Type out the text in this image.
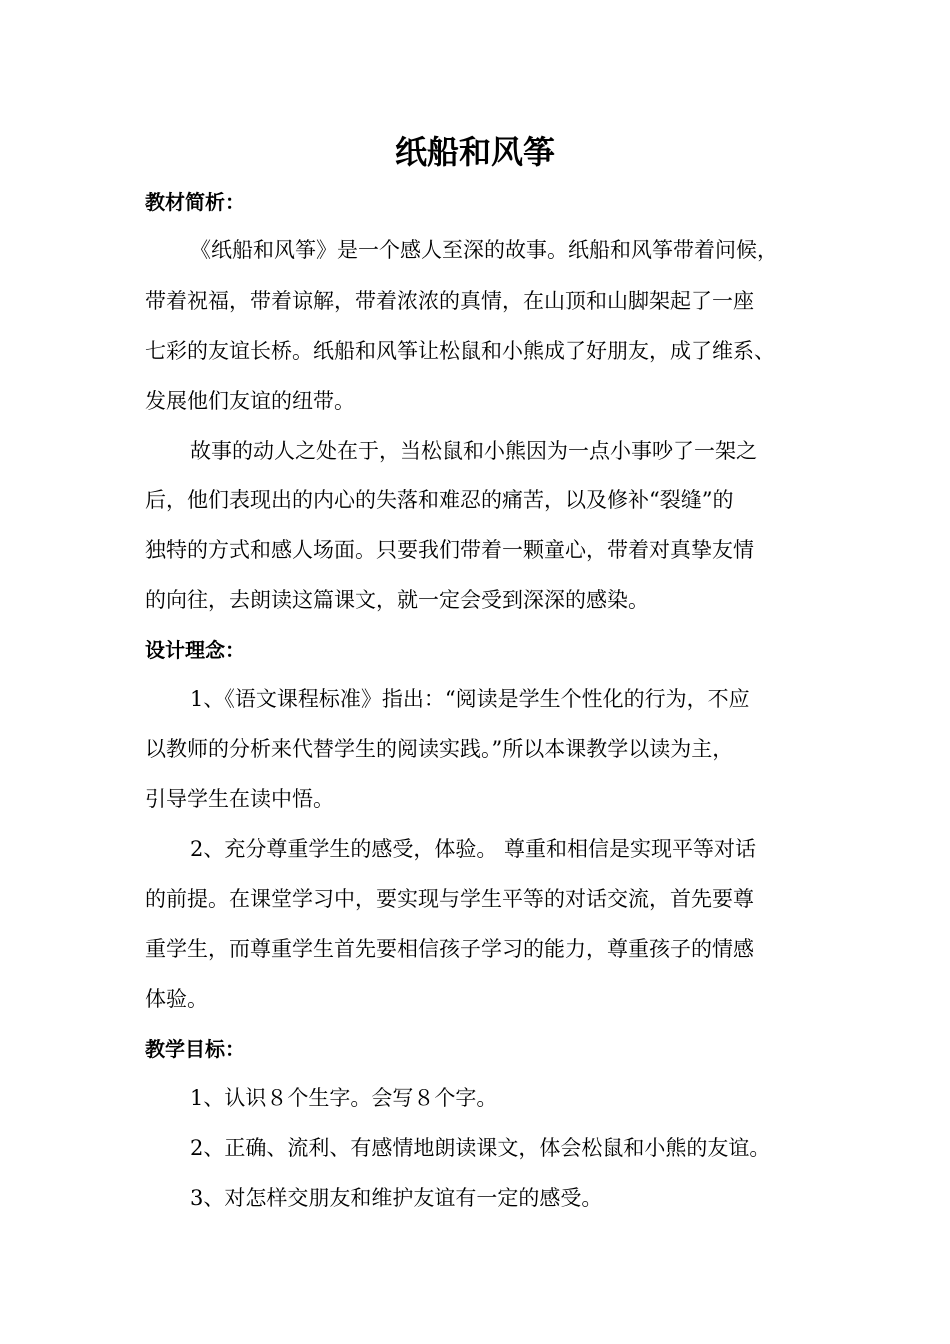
纸船和风筝
教材简析：
《纸船和风筝》是一个感人至深的故事。纸船和风筝带着问候，
带着祝福，带着谅解，带着浓浓的真情，在山顶和山脚架起了一座
七彩的友谊长桥。纸船和风筝让松鼠和小熊成了好朋友，成了维系、
发展他们友谊的纽带。
故事的动人之处在于，当松鼠和小熊因为一点小事吵了一架之
后，他们表现出的内心的失落和难忍的痛苦，以及修补“裂缝”的
独特的方式和感人场面。只要我们带着一颗童心，带着对真挚友情
的向往，去朗读这篇课文，就一定会受到深深的感染。
设计理念：
1、《语文课程标准》指出：“阅读是学生个性化的行为，不应
以教师的分析来代替学生的阅读实践。”所以本课教学以读为主，
引导学生在读中悟。
2、充分尊重学生的感受，体验。 尊重和相信是实现平等对话
的前提。在课堂学习中，要实现与学生平等的对话交流，首先要尊
重学生，而尊重学生首先要相信孩子学习的能力，尊重孩子的情感
体验。
教学目标：
1、认识８个生字。会写８个字。
2、正确、流利、有感情地朗读课文，体会松鼠和小熊的友谊。
3、对怎样交朋友和维护友谊有一定的感受。
